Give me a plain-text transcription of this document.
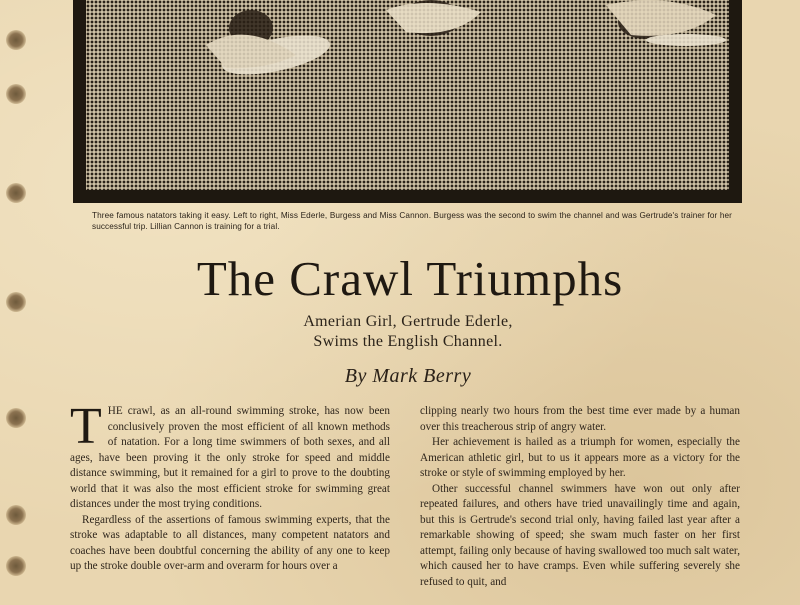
Three famous natators taking it easy. Left to right, Miss Ederle, Burgess and Miss Cannon. Burgess was the second to swim the channel and was Gertrude's trainer for her successful trip. Lillian Cannon is training for a trial.
The Crawl Triumphs
Amerian Girl, Gertrude Ederle,
Swims the English Channel.
By Mark Berry

T HE crawl, as an all-round swimming stroke, has now been conclusively proven the most efficient of all known methods of natation. For a long time swimmers of both sexes, and all ages, have been proving it the only stroke for speed and middle distance swimming, but it remained for a girl to prove to the doubting world that it was also the most efficient stroke for swimming great distances under the most trying conditions.

Regardless of the assertions of famous swimming experts, that the stroke was adaptable to all distances, many competent natators and coaches have been doubtful concerning the ability of any one to keep up the stroke double over-arm and overarm for hours over a

clipping nearly two hours from the best time ever made by a human over this treacherous strip of angry water.

Her achievement is hailed as a triumph for women, especially the American athletic girl, but to us it appears more as a victory for the stroke or style of swimming employed by her.

Other successful channel swimmers have won out only after repeated failures, and others have tried unavailingly time and again, but this is Gertrude's second trial only, having failed last year after a remarkable showing of speed; she swam much faster on her first attempt, failing only because of having swallowed too much salt water, which caused her to have cramps. Even while suffering severely she refused to quit, and
